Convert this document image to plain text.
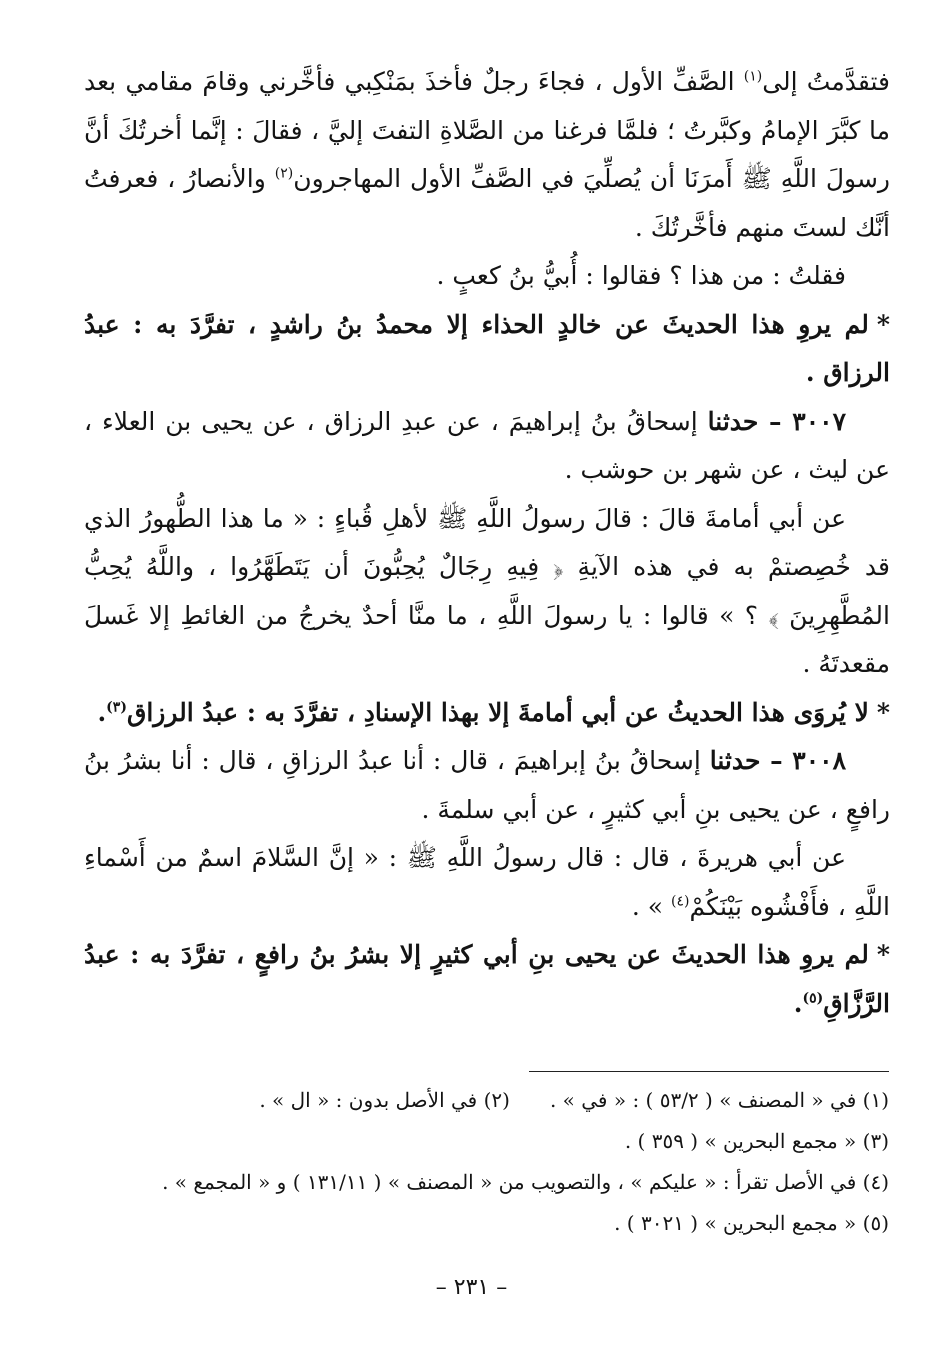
فتقدَّمتُ إلى$^{(١)}$ الصَّفِّ الأول ، فجاءَ رجلٌ فأخذَ بمَنْكِبي فأخَّرني وقامَ مقامي بعد ما كبَّرَ الإمامُ وكبَّرتُ ؛ فلمَّا فرغنا من الصَّلاةِ التفتَ إليَّ ، فقالَ : إنَّما أخرتُكَ أنَّ رسولَ اللَّهِ ﷺ أَمرَنَا أن يُصلِّيَ في الصَّفِّ الأول المهاجرون$^{(٢)}$ والأنصارُ ، فعرفتُ أنَّك لستَ منهم فأخَّرتُكَ .

فقلتُ : من هذا ؟ فقالوا : أُبيُّ بنُ كعبٍ .

*لم يروِ هذا الحديثَ عن خالدٍ الحذاء إلا محمدُ بنُ راشدٍ ، تفرَّدَ به : عبدُ الرزاق .

٣٠٠٧ – حدثنا إسحاقُ بنُ إبراهيمَ ، عن عبدِ الرزاق ، عن يحيى بن العلاء ، عن ليث ، عن شهر بن حوشب .

عن أبي أمامةَ قالَ : قالَ رسولُ اللَّهِ ﷺ لأهلِ قُباءٍ : « ما هذا الطُّهورُ الذي قد خُصِصتمْ به في هذه الآيةِ ﴿ فِيهِ رِجَالٌ يُحِبُّونَ أن يَتَطَهَّرُوا ، واللَّهُ يُحِبُّ المُطَّهِرِينَ ﴾ ؟ » قالوا : يا رسولَ اللَّهِ ، ما منَّا أحدٌ يخرجُ من الغائطِ إلا غَسلَ مقعدتَهُ .

*لا يُروَى هذا الحديثُ عن أبي أمامةَ إلا بهذا الإسنادِ ، تفرَّدَ به : عبدُ الرزاق$^{(٣)}$.

٣٠٠٨ – حدثنا إسحاقُ بنُ إبراهيمَ ، قال : أنا عبدُ الرزاقِ ، قال : أنا بشرُ بنُ رافعٍ ، عن يحيى بنِ أبي كثيرٍ ، عن أبي سلمةَ .

عن أبي هريرةَ ، قال : قال رسولُ اللَّهِ ﷺ : « إنَّ السَّلامَ اسمٌ من أَسْماءِ اللَّهِ ، فأَفْشُوه بَيْنَكُمْ$^{(٤)}$ » .

*لم يروِ هذا الحديثَ عن يحيى بنِ أبي كثيرٍ إلا بشرُ بنُ رافعٍ ، تفرَّدَ به : عبدُ الرَّزَّاقِ$^{(٥)}$.

(١) في « المصنف » ( ٥٣/٢ ) : « في » .(٢) في الأصل بدون : « ال » .

(٣) « مجمع البحرين » ( ٣٥٩ ) .

(٤) في الأصل تقرأ : « عليكم » ، والتصويب من « المصنف » ( ١٣١/١١ ) و « المجمع » .

(٥) « مجمع البحرين » ( ٣٠٢١ ) .

– ٢٣١ –
